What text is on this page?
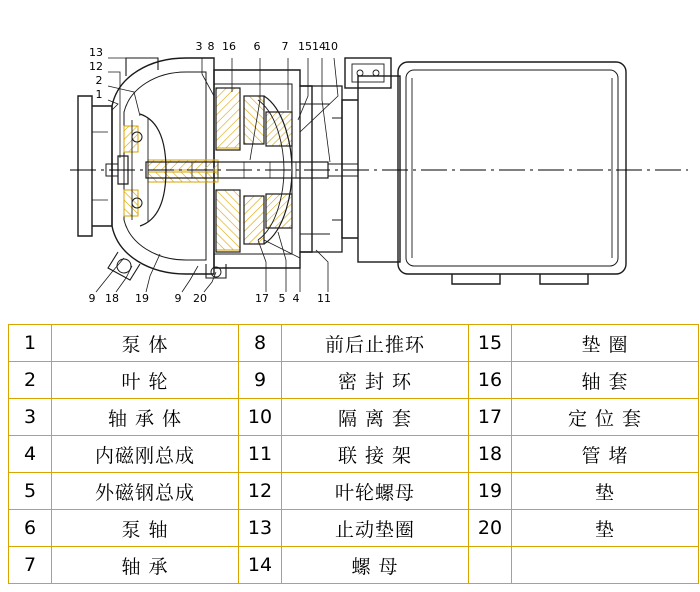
13
12
2
1
3 8 16 6 7 15 14
10
9 18 19 9 20	17 5 4 11
1	泵 体	8	前后止推环	15	垫 圈
2	叶 轮	9	密 封 环	16	轴 套
3	轴 承 体	10	隔 离 套	17	定 位 套
4	内磁刚总成	11	联 接 架	18	管 堵
5	外磁钢总成	12	叶轮螺母	19	垫
6	泵 轴	13	止动垫圈	20	垫
7	轴 承	14	螺 母		
